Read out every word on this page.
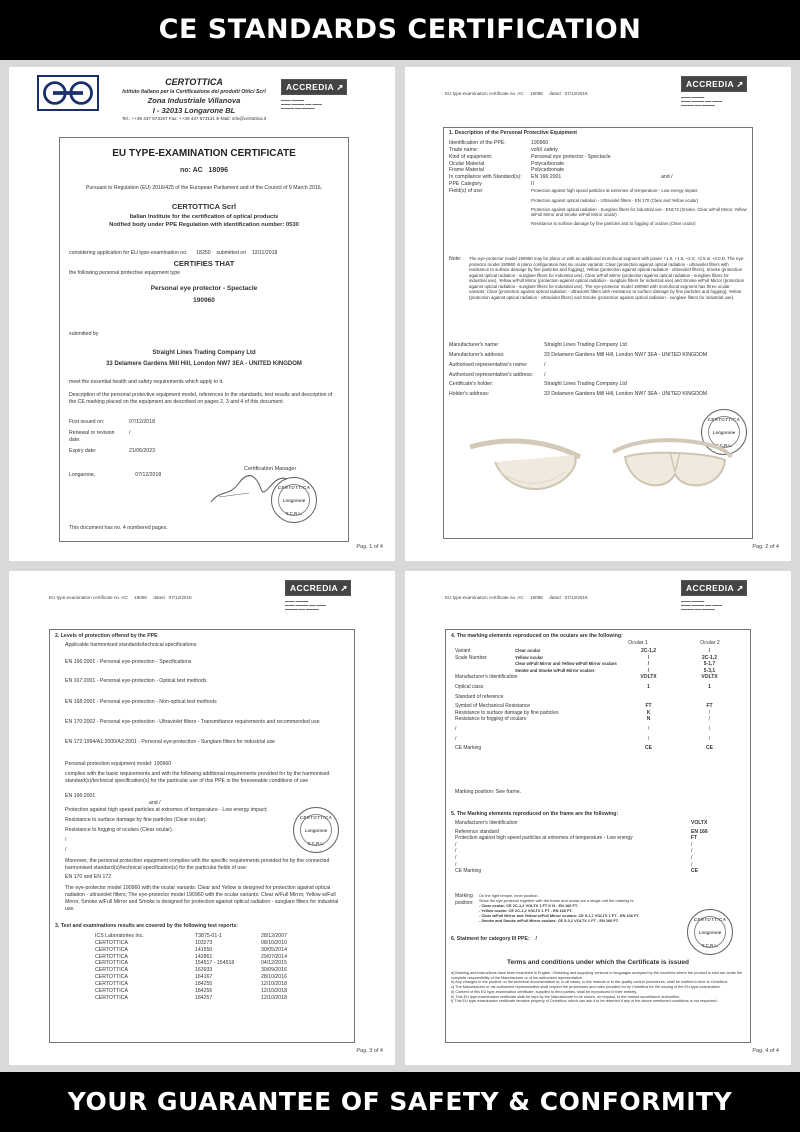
CE STANDARDS CERTIFICATION
CERTOTTICA
Istituto Italiano per la Certificazione dei prodotti Ottici Scrl
Zona Industriale Villanova
I - 32013 Longarone BL
Tel.: ++39 437 573197 Fax: ++39 437 573131 E-Mail: info@certottica.it
ACCREDIA ➚
▬▬▬ ▬▬▬▬
▬▬▬ ▬▬▬▬ ▬▬ ▬▬▬
▬▬▬▬ ▬▬ ▬▬▬▬
EU TYPE-EXAMINATION CERTIFICATE
no: AC 18096
Pursuant to Regulation (EU) 2016/425 of the European Parliament and of the Council of 9 March 2016,
CERTOTTICA Scrl
Italian Institute for the certification of optical products
Notified body under PPE Regulation with identification number: 0530
considering application for EU type-examination no. 18250 submitted on 12/11/2018
CERTIFIES THAT
the following personal protective equipment type
Personal eye protector - Spectacle
190960
submitted by
Straight Lines Trading Company Ltd
33 Delamere Gardens Mill Hill, London NW7 3EA - UNITED KINGDOM
meet the essential health and safety requirements which apply to it.
Description of the personal protective equipment model, references to the standards, test results and description of the CE marking placed on the equipment are described on pages 2, 3 and 4 of this document.
First issued on:	07/12/2018
Renewal or revision date:	/
Expiry date:	21/06/2023
Longarone,	07/12/2018
Certification Manager
CERTOTTICA
Longarone
S.C.R.L.
This document has no. 4 numbered pages.
Pag. 1 of 4
EU type-examination certificate no. AC 18096 dated 07/12/2018
ACCREDIA ➚
▬▬▬ ▬▬▬▬
▬▬▬ ▬▬▬▬ ▬▬ ▬▬▬
▬▬▬▬ ▬▬ ▬▬▬▬
1. Description of the Personal Protective Equipment
Identification of the PPE:	190960
Trade name:	voltX safety
Kind of equipment:	Personal eye protector - Spectacle
Ocular Material	Polycarbonate
Frame Material	Polycarbonate
In compliance with Standard(s):	EN 166:2001	and /
PPE Category	II
Field(s) of use:	Protection against high speed particles at extremes of temperature - Low energy impact
Protection against optical radiation - Ultraviolet filters - EN 170 (Clear and Yellow ocular)
Protection against optical radiation - Sunglare filters for industrial use - EN172 (Smoke, Clear w/Full Mirror, Yellow w/Full Mirror and Smoke w/Full Mirror ocular)
Resistance to surface damage by fine particles and to fogging of oculars (Clear ocular)
Note:	The eye-protector model 190960 may be plano or with an additional monofocal segment with power +1.0, +1.5, +2.0, +2.5 or +3.0 D. The eye-protector model 190960 in plano configuration has six ocular variants: Clear (protection against optical radiation - ultraviolet filters with resistance to surface damage by fine particles and fogging), Yellow (protection against optical radiation - ultraviolet filters), Smoke (protection against optical radiation - sunglare filters for industrial use), Clear w/Full Mirror (protection against optical radiation - sunglare filters for industrial use), Yellow w/Full Mirror (protection against optical radiation - sunglare filters for industrial use) and Smoke w/Full Mirror (protection against optical radiation - sunglare filters for industrial use). The eye-protector model 190960 with monofocal segment has three ocular variants: Clear (protection against optical radiation - ultraviolet filters with resistance to surface damage by fine particles and fogging), Yellow (protection against optical radiation - ultraviolet filters) and Smoke (protection against optical radiation - sunglare filters for industrial use).
Manufacturer's name:	Straight Lines Trading Company Ltd
Manufacturer's address:	33 Delamere Gardens Mill Hill, London NW7 3EA - UNITED KINGDOM
Authorised representative's name:	/
Authorised representative's address:	/
Certificate's holder:	Straight Lines Trading Company Ltd
Holder's address:	33 Delamere Gardens Mill Hill, London NW7 3EA - UNITED KINGDOM
CERTOTTICA
Longarone
S.C.R.L.
Pag. 2 of 4
EU type-examination certificate no. AC 18096 dated 07/12/2018
ACCREDIA ➚
▬▬▬ ▬▬▬▬
▬▬▬ ▬▬▬▬ ▬▬ ▬▬▬
▬▬▬▬ ▬▬ ▬▬▬▬
2. Levels of protection offered by the PPE
Applicable harmonised standards/technical specifications:
EN 166:2001 - Personal eye-protection - Specifications
EN 167:2001 - Personal eye-protection - Optical test methods
EN 168:2001 - Personal eye-protection - Non-optical test methods
EN 170:2002 - Personal eye-protection - Ultraviolet filters - Transmittance requirements and recommended use
EN 172:1994/A1:2000/A2:2001 - Personal eye-protection - Sunglare filters for industrial use
Personal protection equipment model: 190960
complies with the basic requirements and with the following additional requirements provided for by the harmonised standard(s)/technical specification(s) for the particular use of this PPE in the foreseeable conditions of use
EN 166:2001
and /
Protection against high speed particles at extremes of temperature - Low energy impact;
Resistance to surface damage by fine particles (Clear ocular);
Resistance to fogging of oculars (Clear ocular).
/
/
CERTOTTICA
Longarone
S.C.R.L.
Moreover, the personal protection equipment complies with the specific requirements provided for by the connected harmonised standard(s)/technical specification(s) for the particular fields of use:
EN 170 and EN 172
The eye-protector model 190960 with the ocular variants: Clear and Yellow is designed for protection against optical radiation - ultraviolet filters; The eye-protector model 190960 with the ocular variants: Clear w/Full Mirror, Yellow w/Full Mirror, Smoke w/Full Mirror and Smoke is designed for protection against optical radiation - sunglare filters for industrial use.
3. Test and examinations results are covered by the following test reports:
ICS Laboratories Inc.	T3875-01-1	28/12/2007
CERTOTTICA	103273	08/10/2010
CERTOTTICA	141550	30/05/2014
CERTOTTICA	142861	29/07/2014
CERTOTTICA	154517 - 154518	04/12/2015
CERTOTTICA	163933	30/09/2016
CERTOTTICA	164167	28/10/2016
CERTOTTICA	184255	12/10/2018
CERTOTTICA	184256	12/10/2018
CERTOTTICA	184257	12/10/2018
Pag. 3 of 4
EU type-examination certificate no. AC 18096 dated 07/12/2018
ACCREDIA ➚
▬▬▬ ▬▬▬▬
▬▬▬ ▬▬▬▬ ▬▬ ▬▬▬
▬▬▬▬ ▬▬ ▬▬▬▬
4. The marking elements reproduced on the oculars are the following:
Ocular 1	Ocular 2
Variant	Clear ocular	2C-1,2	/
Scale Number	Yellow ocular	/	2C-1,2
	Clear w/Full Mirror and Yellow w/Full Mirror oculars	/	5-1,7
	Smoke and Smoke w/Full Mirror oculars	/	5-3,1
Manufacturer's Identification		VOLTX	VOLTX
Optical class		1	1
Standard of reference			
Symbol of Mechanical Resistance		FT	FT
Resistance to surface damage by fine particles		K	/
Resistance to fogging of oculars		N	/
/		/	/
/		/	/
CE Marking		CE	CE
Marking position: See frame.
5. The Marking elements reproduced on the frame are the following:
Manufacturer's Identification	VOLTX
Reference standard	EN 166
Protection against high speed particles at extremes of temperature - Low energy	FT
/	/
/	/
/	/
/	/
CE Marking	CE
Marking position:
On the right temple, inner position.
Since the eye-protector together with the frame and ocular are a single unit the marking is:
- Clear ocular: CE 2C-1,2 VOLTX 1 FT K N - EN 166 FT.
- Yellow ocular: CE 2C-1,2 VOLTX 1 FT - EN 166 FT.
- Clear w/Full Mirror and Yellow w/Full Mirror oculars: CE 5-1,7 VOLTX 1 FT - EN 166 FT.
- Smoke and Smoke w/Full Mirror oculars: CE 5-3,1 VOLTX 1 FT - EN 166 FT.	CERTOTTICA
Longarone
S.C.R.L.
6. Statment for category III PPE: /
Terms and conditions under which the Certificate is issued
a) Marking and instructions have been examined in English. Obtaining and supplying versions in languages accepted by the countries where the product is sold are under the complete responsibility of the Manufacturer or of his authorized representative.
b) Any changes to the product, to the technical documentation or, in all cases, to the manual or to the quality control procedures, shall be notified in time to Certottica.
c) The Manufacturer or his authorized representative shall respect the procedures and rules provided for by Certottica for the issuing of the EU type-examination.
d) Content of this EU type-examination certificate, supplied to third parties, shall be reproduced in their entirety.
e) This EU type-examination certificate shall be kept by the Manufacturer to be shown, on request, to the market surveillance authorities.
f) This EU type-examination certificate remains property of Certottica, which can ask it to be returned if any of the above mentioned conditions is not respected.
Pag. 4 of 4
YOUR GUARANTEE OF SAFETY & CONFORMITY
